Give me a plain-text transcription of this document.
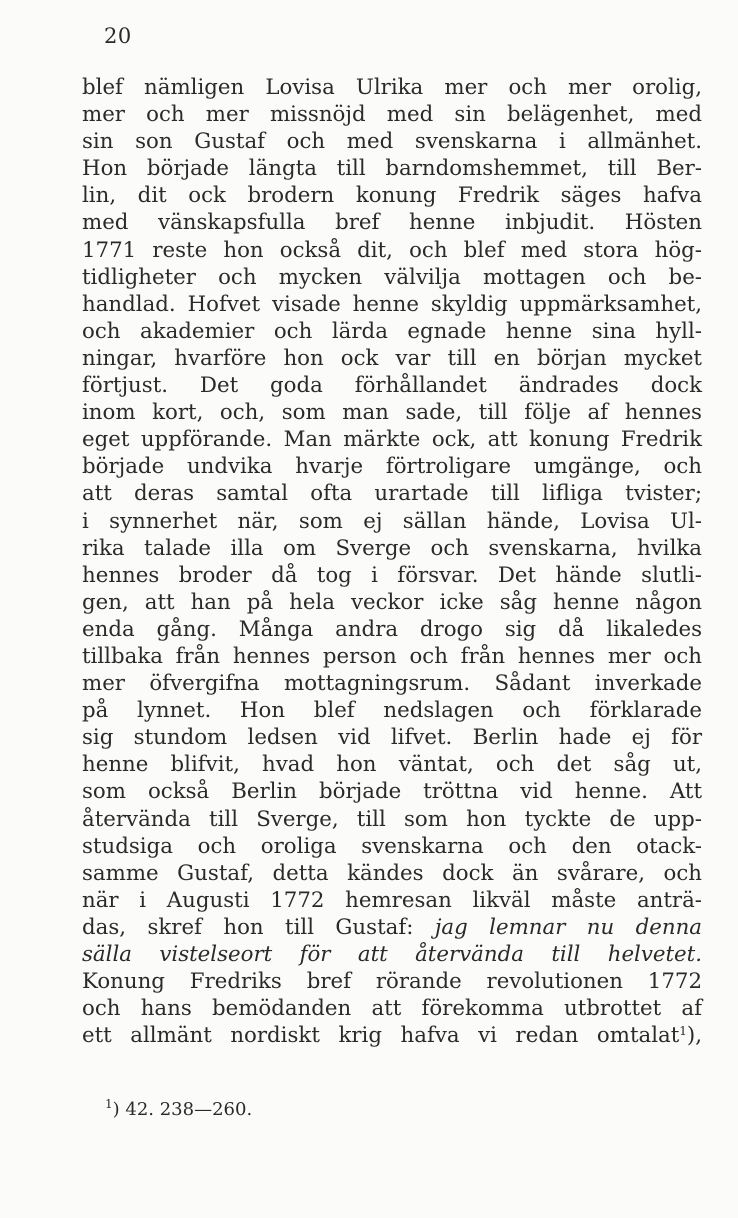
20
blef nämligen Lovisa Ulrika mer och mer orolig,
mer och mer missnöjd med sin belägenhet, med
sin son Gustaf och med svenskarna i allmänhet.
Hon började längta till barndomshemmet, till Ber-
lin, dit ock brodern konung Fredrik säges hafva
med vänskapsfulla bref henne inbjudit. Hösten
1771 reste hon också dit, och blef med stora hög-
tidligheter och mycken välvilja mottagen och be-
handlad. Hofvet visade henne skyldig uppmärksamhet,
och akademier och lärda egnade henne sina hyll-
ningar, hvarföre hon ock var till en början mycket
förtjust. Det goda förhållandet ändrades dock
inom kort, och, som man sade, till följe af hennes
eget uppförande. Man märkte ock, att konung Fredrik
började undvika hvarje förtroligare umgänge, och
att deras samtal ofta urartade till lifliga tvister;
i synnerhet när, som ej sällan hände, Lovisa Ul-
rika talade illa om Sverge och svenskarna, hvilka
hennes broder då tog i försvar. Det hände slutli-
gen, att han på hela veckor icke såg henne någon
enda gång. Många andra drogo sig då likaledes
tillbaka från hennes person och från hennes mer och
mer öfvergifna mottagningsrum. Sådant inverkade
på lynnet. Hon blef nedslagen och förklarade
sig stundom ledsen vid lifvet. Berlin hade ej för
henne blifvit, hvad hon väntat, och det såg ut,
som också Berlin började tröttna vid henne. Att
återvända till Sverge, till som hon tyckte de upp-
studsiga och oroliga svenskarna och den otack-
samme Gustaf, detta kändes dock än svårare, och
när i Augusti 1772 hemresan likväl måste anträ-
das, skref hon till Gustaf: jag lemnar nu denna
sälla vistelseort för att återvända till helvetet.
Konung Fredriks bref rörande revolutionen 1772
och hans bemödanden att förekomma utbrottet af
ett allmänt nordiskt krig hafva vi redan omtalat$^1$),
$^1$) 42. 238—260.
